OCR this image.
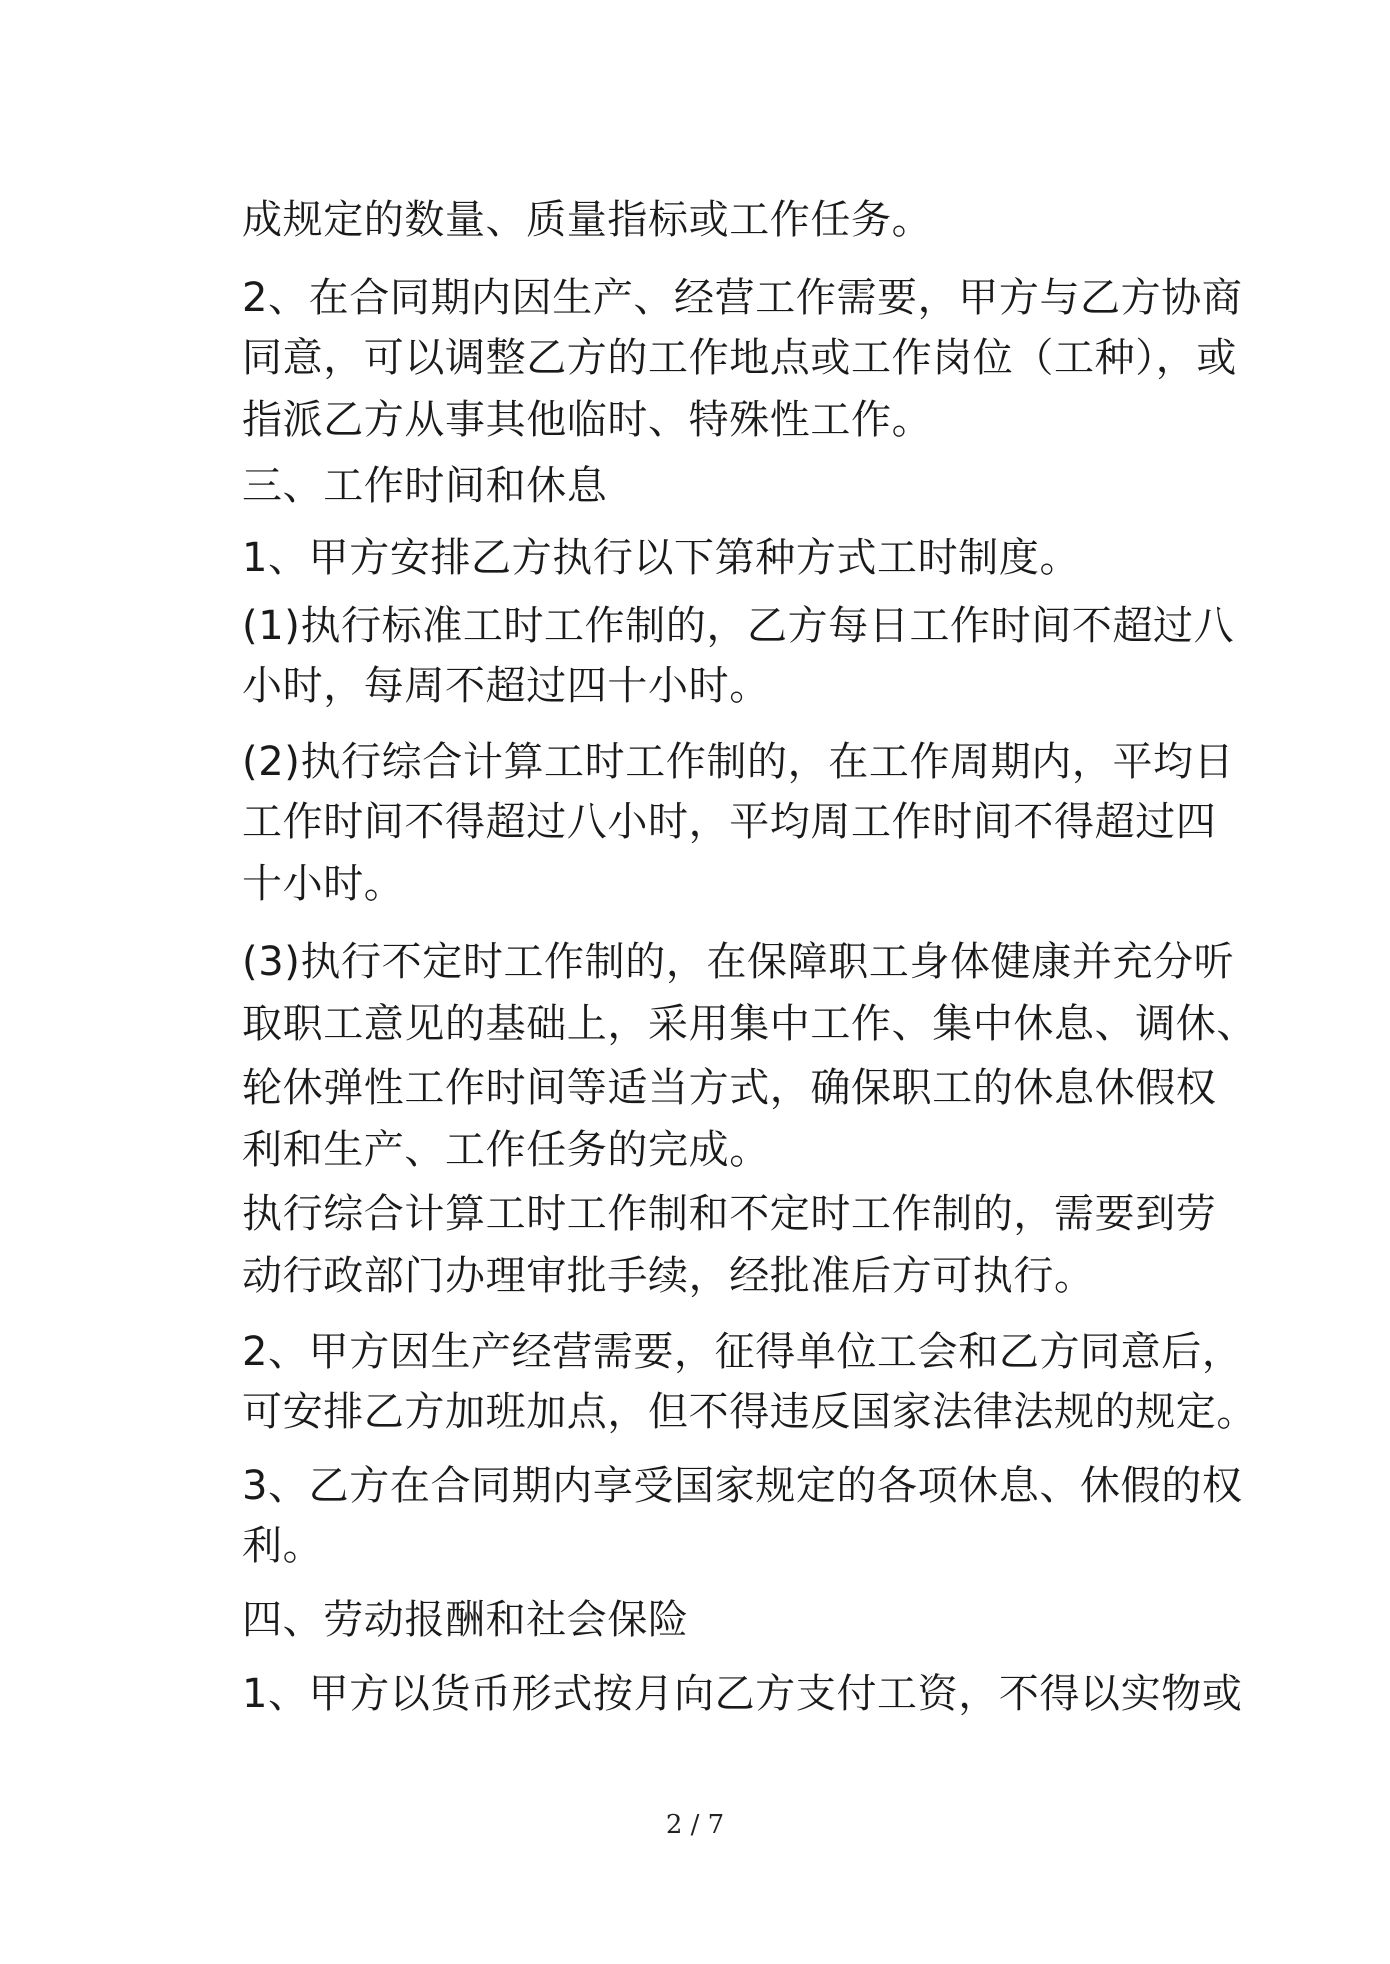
成规定的数量、质量指标或工作任务。
2、在合同期内因生产、经营工作需要，甲方与乙方协商
同意，可以调整乙方的工作地点或工作岗位（工种），或
指派乙方从事其他临时、特殊性工作。
三、工作时间和休息
1、甲方安排乙方执行以下第种方式工时制度。
(1)执行标准工时工作制的，乙方每日工作时间不超过八
小时，每周不超过四十小时。
(2)执行综合计算工时工作制的，在工作周期内，平均日
工作时间不得超过八小时，平均周工作时间不得超过四
十小时。
(3)执行不定时工作制的，在保障职工身体健康并充分听
取职工意见的基础上，采用集中工作、集中休息、调休、
轮休弹性工作时间等适当方式，确保职工的休息休假权
利和生产、工作任务的完成。
执行综合计算工时工作制和不定时工作制的，需要到劳
动行政部门办理审批手续，经批准后方可执行。
2、甲方因生产经营需要，征得单位工会和乙方同意后，
可安排乙方加班加点，但不得违反国家法律法规的规定。
3、乙方在合同期内享受国家规定的各项休息、休假的权
利。
四、劳动报酬和社会保险
1、甲方以货币形式按月向乙方支付工资，不得以实物或
2 / 7
